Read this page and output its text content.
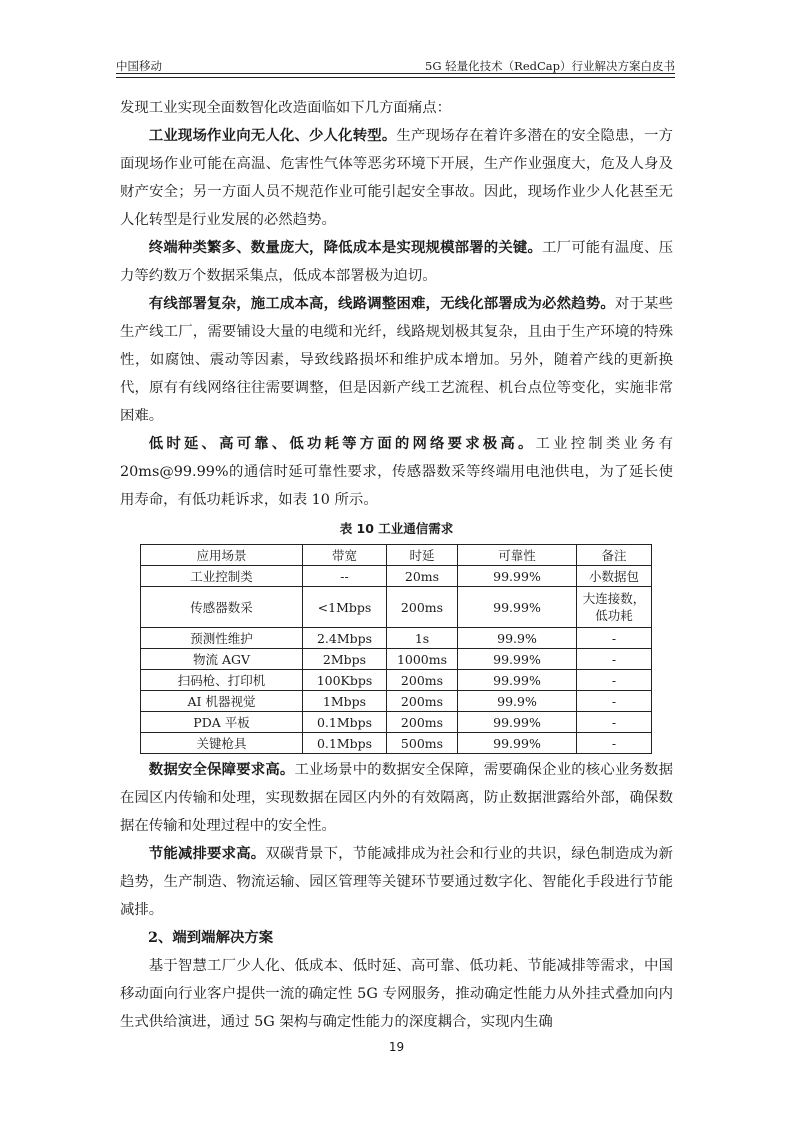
中国移动	5G 轻量化技术（RedCap）行业解决方案白皮书

发现工业实现全面数智化改造面临如下几方面痛点：

工业现场作业向无人化、少人化转型。生产现场存在着许多潜在的安全隐患，一方面现场作业可能在高温、危害性气体等恶劣环境下开展，生产作业强度大，危及人身及财产安全；另一方面人员不规范作业可能引起安全事故。因此，现场作业少人化甚至无人化转型是行业发展的必然趋势。

终端种类繁多、数量庞大，降低成本是实现规模部署的关键。工厂可能有温度、压力等约数万个数据采集点，低成本部署极为迫切。

有线部署复杂，施工成本高，线路调整困难，无线化部署成为必然趋势。对于某些生产线工厂，需要铺设大量的电缆和光纤，线路规划极其复杂，且由于生产环境的特殊性，如腐蚀、震动等因素，导致线路损坏和维护成本增加。另外，随着产线的更新换代，原有有线网络往往需要调整，但是因新产线工艺流程、机台点位等变化，实施非常困难。

低时延、高可靠、低功耗等方面的网络要求极高。工业控制类业务有20ms@99.99%的通信时延可靠性要求，传感器数采等终端用电池供电，为了延长使用寿命，有低功耗诉求，如表 10 所示。

表 10 工业通信需求
应用场景	带宽	时延	可靠性	备注
工业控制类	--	20ms	99.99%	小数据包
传感器数采	<1Mbps	200ms	99.99%	大连接数，低功耗
预测性维护	2.4Mbps	1s	99.9%	-
物流 AGV	2Mbps	1000ms	99.99%	-
扫码枪、打印机	100Kbps	200ms	99.99%	-
AI 机器视觉	1Mbps	200ms	99.9%	-
PDA 平板	0.1Mbps	200ms	99.99%	-
关键枪具	0.1Mbps	500ms	99.99%	-

数据安全保障要求高。工业场景中的数据安全保障，需要确保企业的核心业务数据在园区内传输和处理，实现数据在园区内外的有效隔离，防止数据泄露给外部，确保数据在传输和处理过程中的安全性。

节能减排要求高。双碳背景下，节能减排成为社会和行业的共识，绿色制造成为新趋势，生产制造、物流运输、园区管理等关键环节要通过数字化、智能化手段进行节能减排。

2、端到端解决方案

基于智慧工厂少人化、低成本、低时延、高可靠、低功耗、节能减排等需求，中国移动面向行业客户提供一流的确定性 5G 专网服务，推动确定性能力从外挂式叠加向内生式供给演进，通过 5G 架构与确定性能力的深度耦合，实现内生确

19
